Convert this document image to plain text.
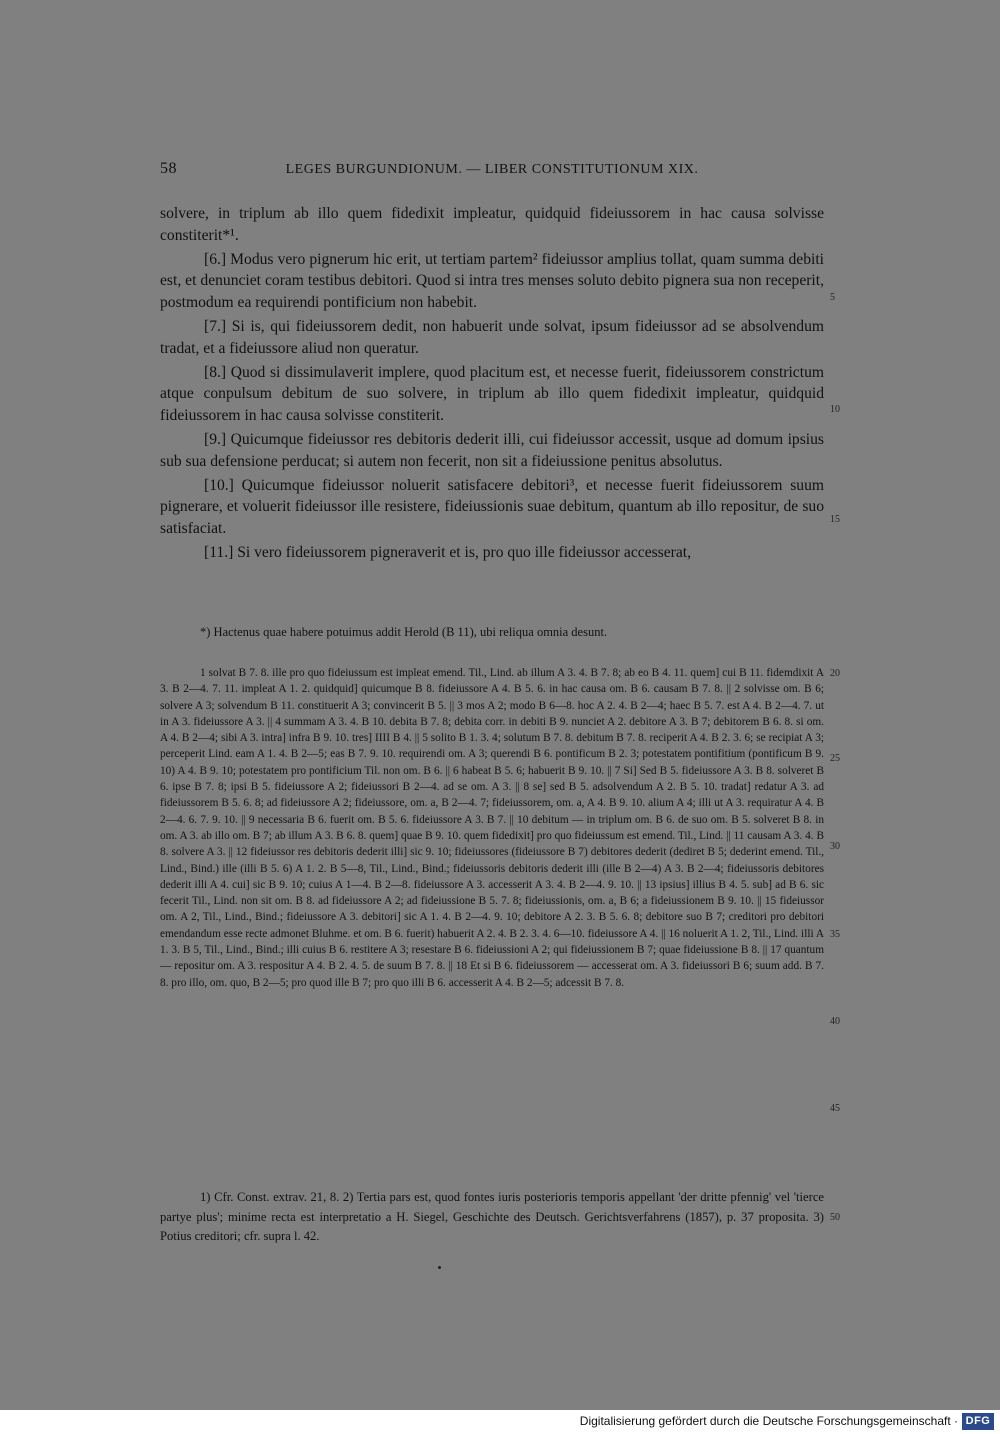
58	LEGES BURGUNDIONUM. — LIBER CONSTITUTIONUM XIX.

solvere, in triplum ab illo quem fidedixit impleatur, quidquid fideiussorem in hac causa solvisse constiterit*¹.

[6.] Modus vero pignerum hic erit, ut tertiam partem² fideiussor amplius tollat, quam summa debiti est, et denunciet coram testibus debitori. Quod si intra tres menses soluto debito pignera sua non receperit, postmodum ea requirendi pontificium non habebit.

[7.] Si is, qui fideiussorem dedit, non habuerit unde solvat, ipsum fideiussor ad se absolvendum tradat, et a fideiussore aliud non queratur.

[8.] Quod si dissimulaverit implere, quod placitum est, et necesse fuerit, fideiussorem constrictum atque conpulsum debitum de suo solvere, in triplum ab illo quem fidedixit impleatur, quidquid fideiussorem in hac causa solvisse constiterit.

[9.] Quicumque fideiussor res debitoris dederit illi, cui fideiussor accessit, usque ad domum ipsius sub sua defensione perducat; si autem non fecerit, non sit a fideiussione penitus absolutus.

[10.] Quicumque fideiussor noluerit satisfacere debitori³, et necesse fuerit fideiussorem suum pignerare, et voluerit fideiussor ille resistere, fideiussionis suae debitum, quantum ab illo repositur, de suo satisfaciat.

[11.] Si vero fideiussorem pigneraverit et is, pro quo ille fideiussor accesserat,

*) Hactenus quae habere potuimus addit Herold (B 11), ubi reliqua omnia desunt.

1 solvat B 7. 8. ille pro quo fideiussum est impleat emend. Til., Lind. ab illum A 3. 4. B 7. 8; ab eo B 4. 11. quem] cui B 11. fidemdixit A 3. B 2—4. 7. 11. impleat A 1. 2. quidquid] quicumque B 8. fideiussore A 4. B 5. 6. in hac causa om. B 6. causam B 7. 8. || 2 solvisse om. B 6; solvere A 3; solvendum B 11. constituerit A 3; convincerit B 5. || 3 mos A 2; modo B 6—8. hoc A 2. 4. B 2—4; haec B 5. 7. est A 4. B 2—4. 7. ut in A 3. fideiussore A 3. || 4 summam A 3. 4. B 10. debita B 7. 8; debita corr. in debiti B 9. nunciet A 2. debitore A 3. B 7; debitorem B 6. 8. si om. A 4. B 2—4; sibi A 3. intra] infra B 9. 10. tres] IIII B 4. || 5 solito B 1. 3. 4; solutum B 7. 8. debitum B 7. 8. reciperit A 4. B 2. 3. 6; se recipiat A 3; perceperit Lind. eam A 1. 4. B 2—5; eas B 7. 9. 10. requirendi om. A 3; querendi B 6. pontificum B 2. 3; potestatem pontifitium (pontificum B 9. 10) A 4. B 9. 10; potestatem pro pontificium Til. non om. B 6. || 6 habeat B 5. 6; habuerit B 9. 10. || 7 Si] Sed B 5. fideiussore A 3. B 8. solveret B 6. ipse B 7. 8; ipsi B 5. fideiussore A 2; fideiussori B 2—4. ad se om. A 3. || 8 se] sed B 5. adsolvendum A 2. B 5. 10. tradat] redatur A 3. ad fideiussorem B 5. 6. 8; ad fideiussore A 2; fideiussore, om. a, B 2—4. 7; fideiussorem, om. a, A 4. B 9. 10. alium A 4; illi ut A 3. requiratur A 4. B 2—4. 6. 7. 9. 10. || 9 necessaria B 6. fuerit om. B 5. 6. fideiussore A 3. B 7. || 10 debitum — in triplum om. B 6. de suo om. B 5. solveret B 8. in om. A 3. ab illo om. B 7; ab illum A 3. B 6. 8. quem] quae B 9. 10. quem fidedixit] pro quo fideiussum est emend. Til., Lind. || 11 causam A 3. 4. B 8. solvere A 3. || 12 fideiussor res debitoris dederit illi] sic 9. 10; fideiussores (fideiussore B 7) debitores dederit (dediret B 5; dederint emend. Til., Lind., Bind.) ille (illi B 5. 6) A 1. 2. B 5—8, Til., Lind., Bind.; fideiussoris debitoris dederit illi (ille B 2—4) A 3. B 2—4; fideiussoris debitores dederit illi A 4. cui] sic B 9. 10; cuius A 1—4. B 2—8. fideiussore A 3. accesserit A 3. 4. B 2—4. 9. 10. || 13 ipsius] illius B 4. 5. sub] ad B 6. sic fecerit Til., Lind. non sit om. B 8. ad fideiussore A 2; ad fideiussione B 5. 7. 8; fideiussionis, om. a, B 6; a fideiussionem B 9. 10. || 15 fideiussor om. A 2, Til., Lind., Bind.; fideiussore A 3. debitori] sic A 1. 4. B 2—4. 9. 10; debitore A 2. 3. B 5. 6. 8; debitore suo B 7; creditori pro debitori emendandum esse recte admonet Bluhme. et om. B 6. fuerit) habuerit A 2. 4. B 2. 3. 4. 6—10. fideiussore A 4. || 16 noluerit A 1. 2, Til., Lind. illi A 1. 3. B 5, Til., Lind., Bind.; illi cuius B 6. restitere A 3; resestare B 6. fideiussioni A 2; qui fideiussionem B 7; quae fideiussione B 8. || 17 quantum — repositur om. A 3. respositur A 4. B 2. 4. 5. de suum B 7. 8. || 18 Et si B 6. fideiussorem — accesserat om. A 3. fideiussori B 6; suum add. B 7. 8. pro illo, om. quo, B 2—5; pro quod ille B 7; pro quo illi B 6. accesserit A 4. B 2—5; adcessit B 7. 8.

1) Cfr. Const. extrav. 21, 8. 2) Tertia pars est, quod fontes iuris posterioris temporis appellant 'der dritte pfennig' vel 'tierce partye plus'; minime recta est interpretatio a H. Siegel, Geschichte des Deutsch. Gerichtsverfahrens (1857), p. 37 proposita. 3) Potius creditori; cfr. supra l. 42.

5
10
15
20
25
30
35
40
45
50
Digitalisierung gefördert durch die Deutsche Forschungsgemeinschaft · DFG
